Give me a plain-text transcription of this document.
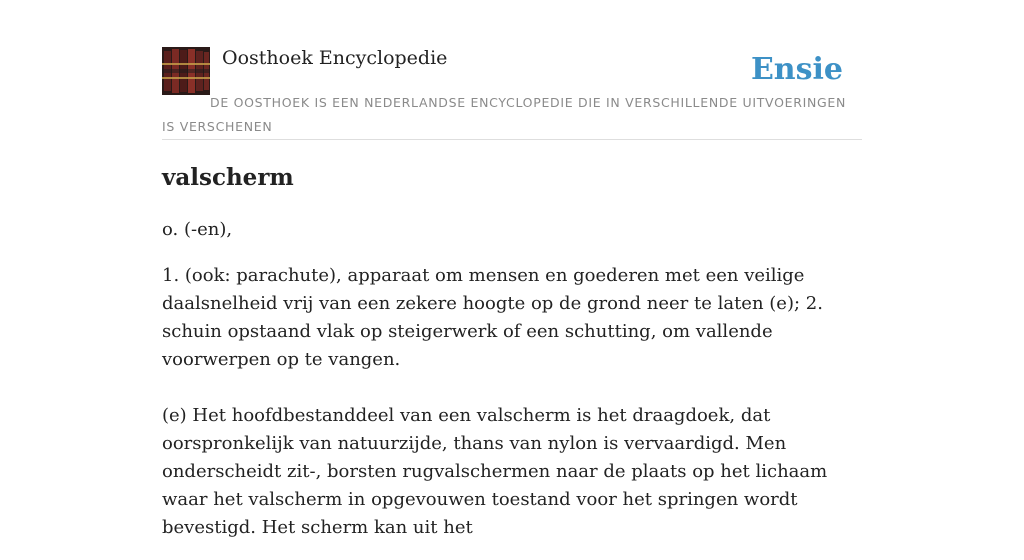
Oosthoek Encyclopedie	Ensie
DE OOSTHOEK IS EEN NEDERLANDSE ENCYCLOPEDIE DIE IN VERSCHILLENDE UITVOERINGEN IS VERSCHENEN
valscherm

o. (-en),

1. (ook: parachute), apparaat om mensen en goederen met een veilige daalsnelheid vrij van een zekere hoogte op de grond neer te laten (e); 2. schuin opstaand vlak op steigerwerk of een schutting, om vallende voorwerpen op te vangen.

(e) Het hoofdbestanddeel van een valscherm is het draagdoek, dat oorspronkelijk van natuurzijde, thans van nylon is vervaardigd. Men onderscheidt zit-, borsten rugvalschermen naar de plaats op het lichaam waar het valscherm in opgevouwen toestand voor het springen wordt bevestigd. Het scherm kan uit het
